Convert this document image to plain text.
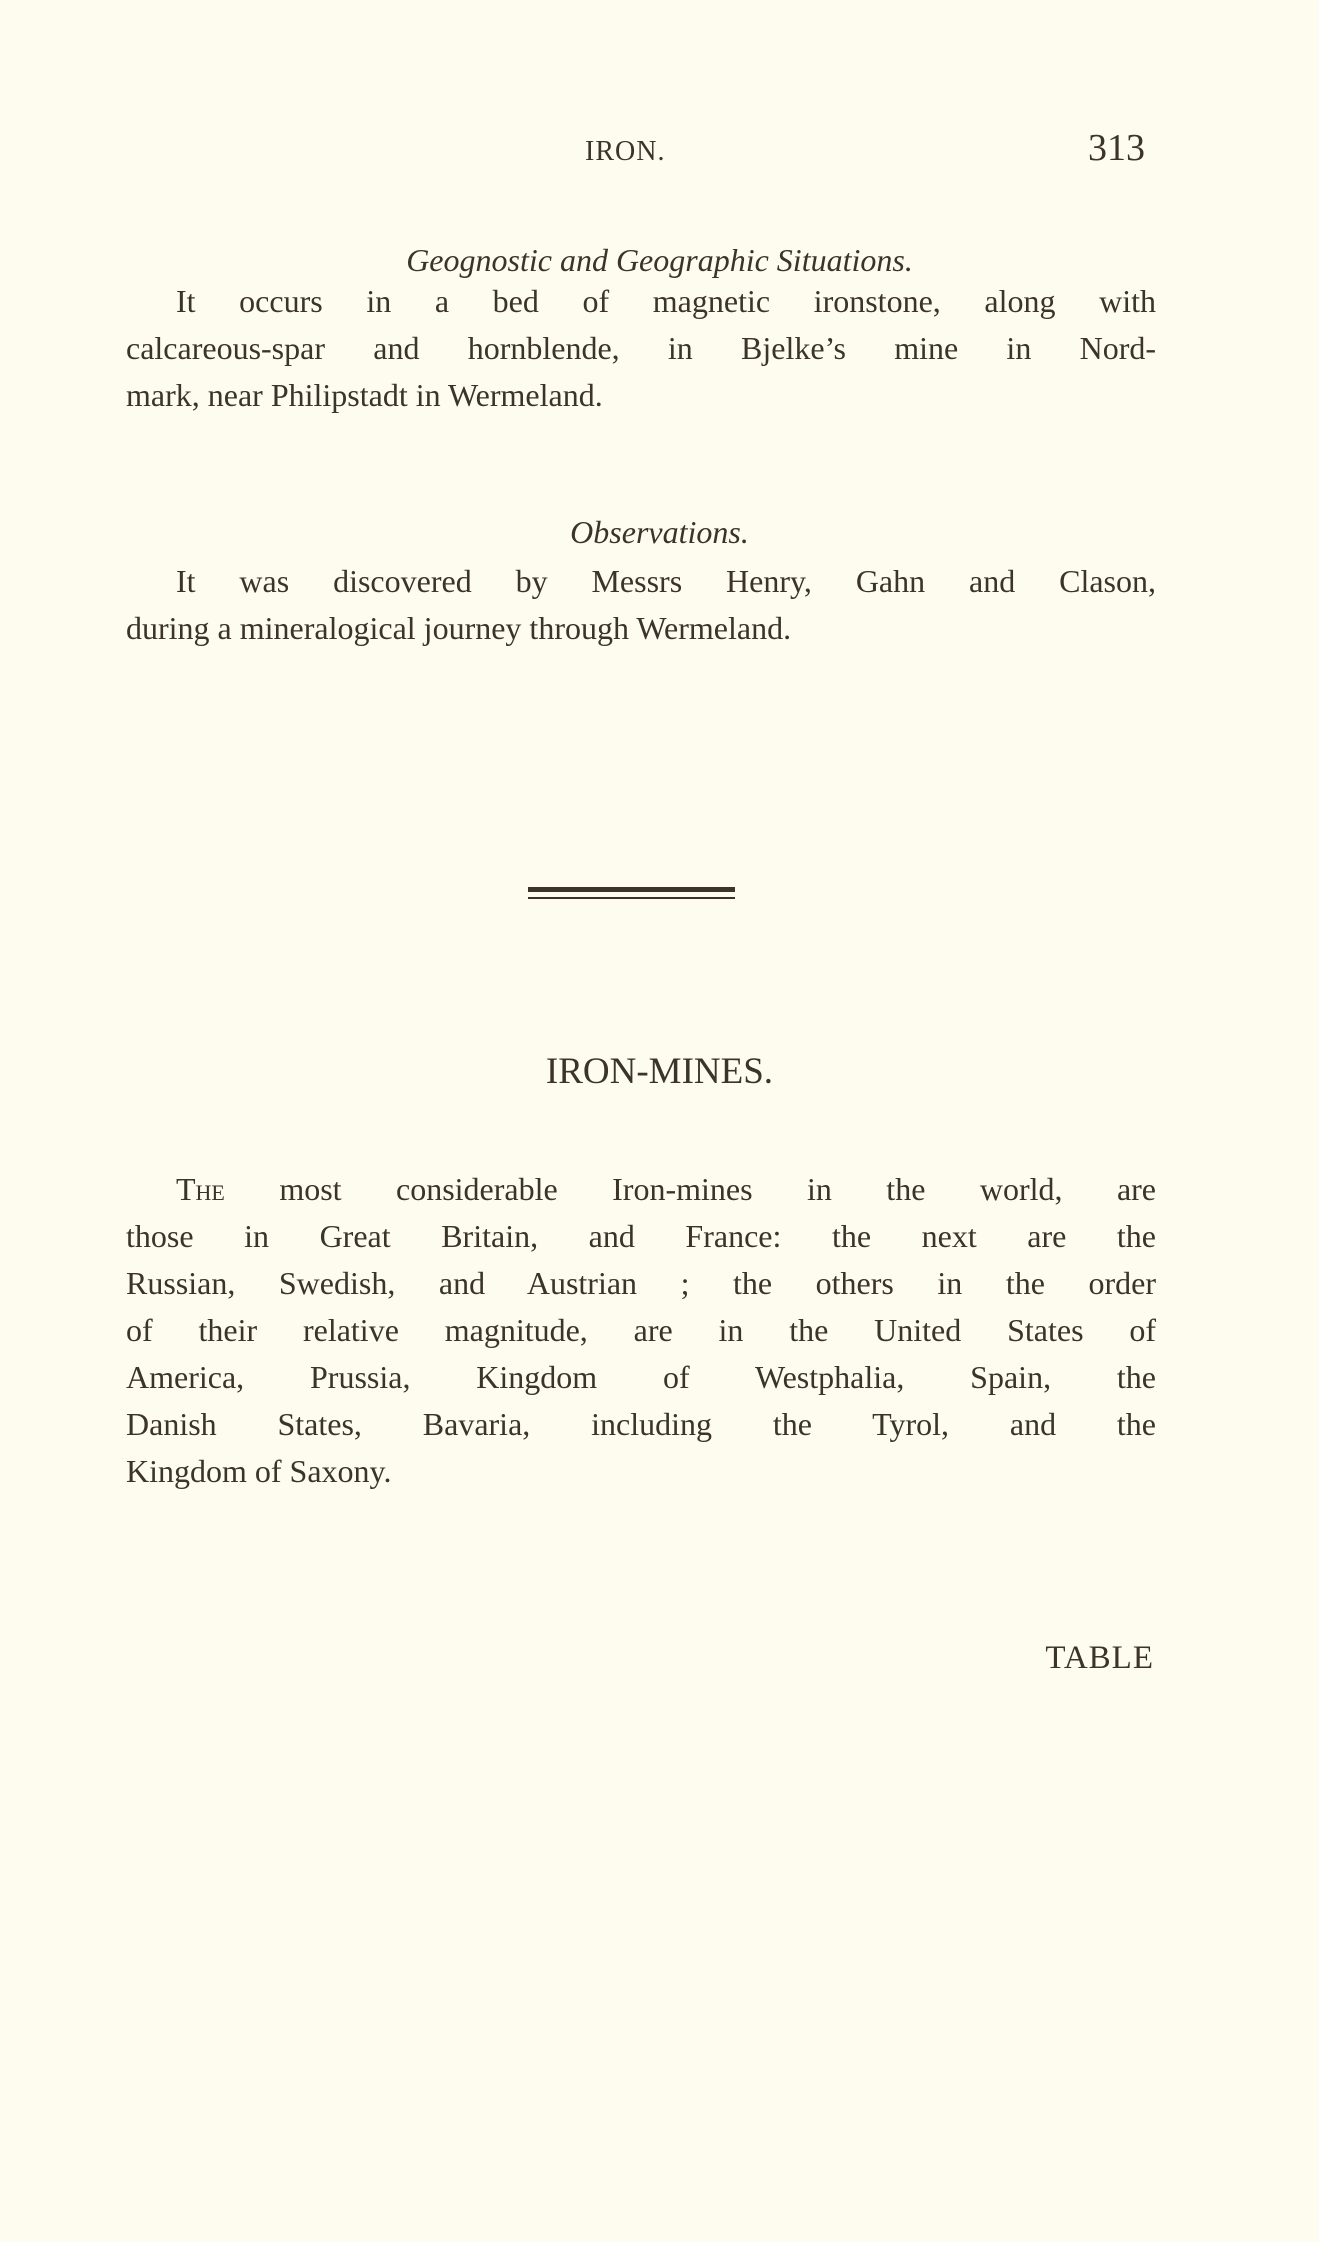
IRON.	313
Geognostic and Geographic Situations.
It occurs in a bed of magnetic ironstone, along with
calcareous-spar and hornblende, in Bjelke’s mine in Nord-
mark, near Philipstadt in Wermeland.
Observations.
It was discovered by Messrs Henry, Gahn and Clason,
during a mineralogical journey through Wermeland.
IRON-MINES.
The most considerable Iron-mines in the world, are
those in Great Britain, and France: the next are the
Russian, Swedish, and Austrian ; the others in the order
of their relative magnitude, are in the United States of
America, Prussia, Kingdom of Westphalia, Spain, the
Danish States, Bavaria, including the Tyrol, and the
Kingdom of Saxony.
TABLE
